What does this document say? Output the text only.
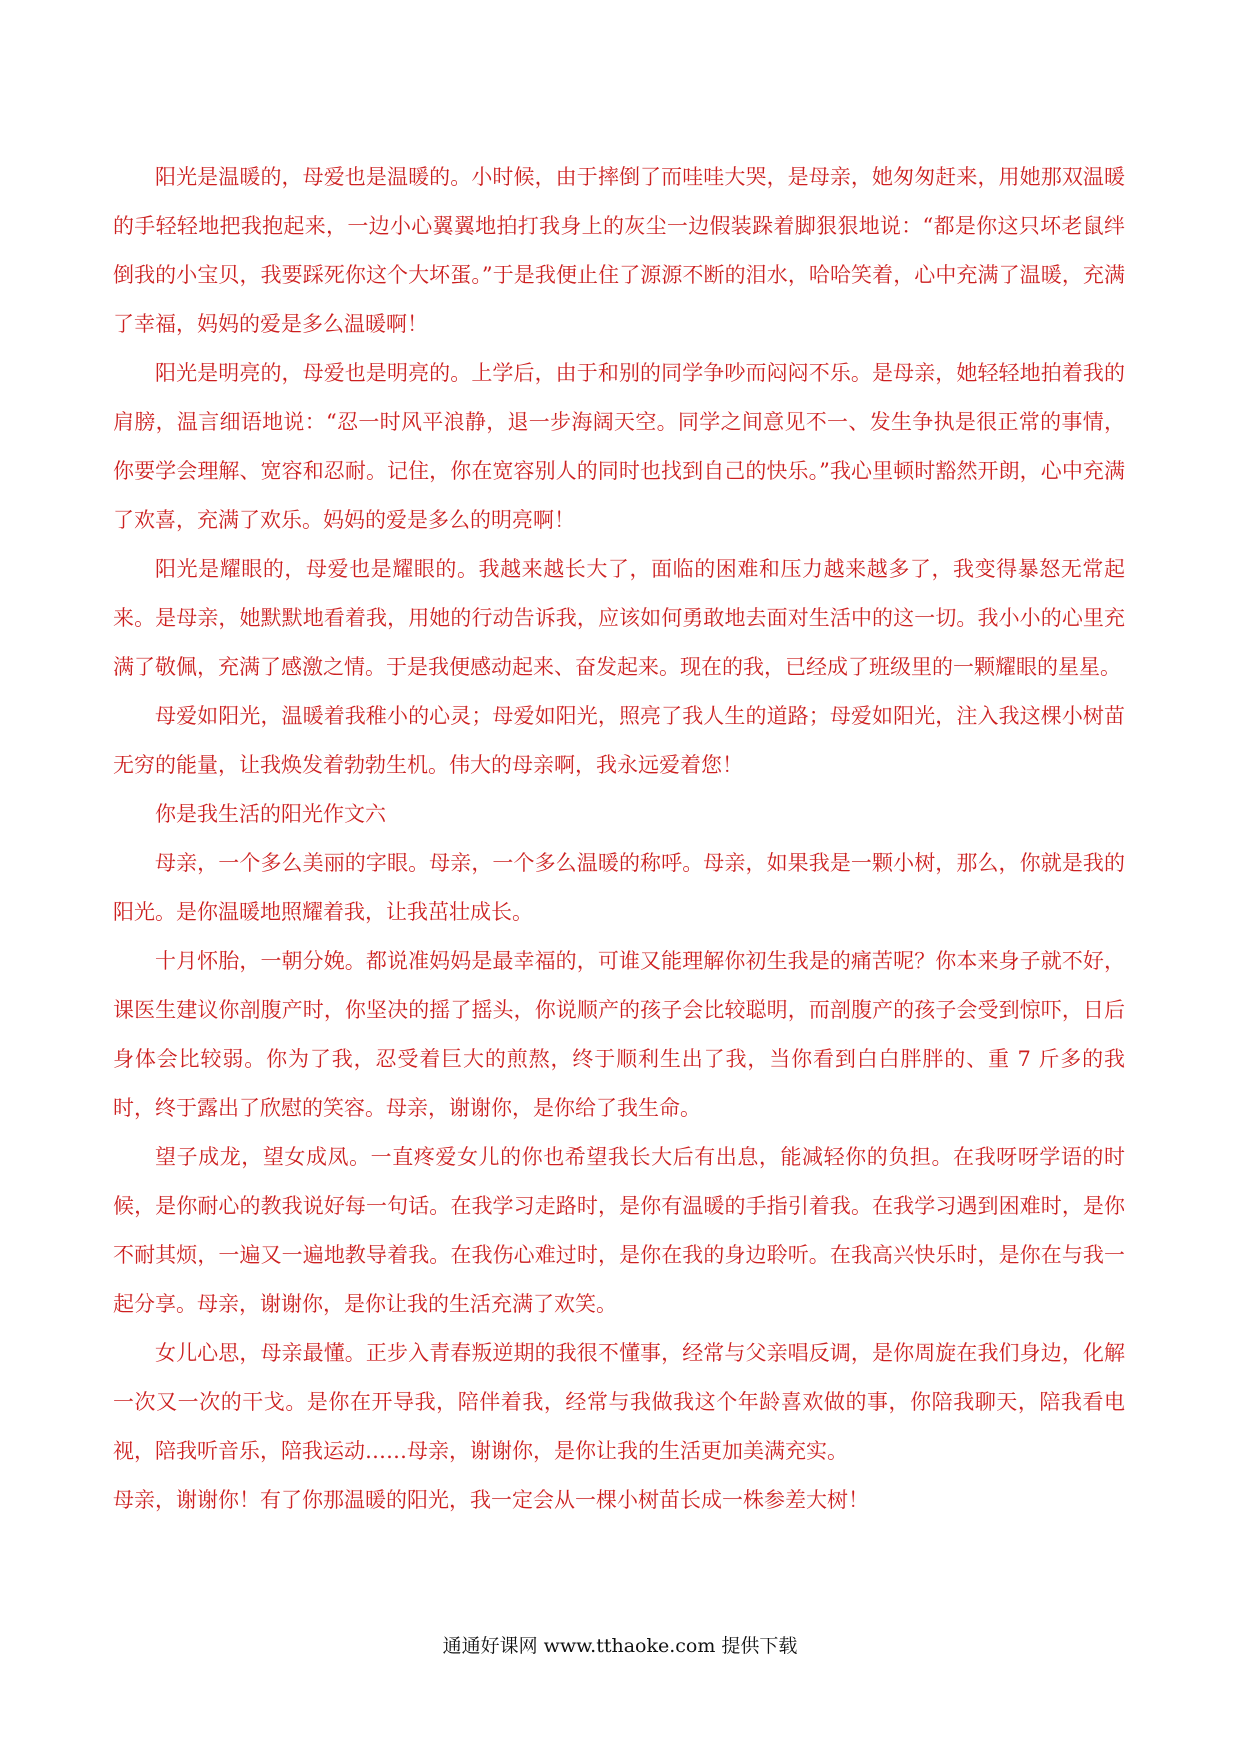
阳光是温暖的，母爱也是温暖的。小时候，由于摔倒了而哇哇大哭，是母亲，她匆匆赶来，用她那双温暖的手轻轻地把我抱起来，一边小心翼翼地拍打我身上的灰尘一边假装跺着脚狠狠地说：“都是你这只坏老鼠绊倒我的小宝贝，我要踩死你这个大坏蛋。”于是我便止住了源源不断的泪水，哈哈笑着，心中充满了温暖，充满了幸福，妈妈的爱是多么温暖啊！

阳光是明亮的，母爱也是明亮的。上学后，由于和别的同学争吵而闷闷不乐。是母亲，她轻轻地拍着我的肩膀，温言细语地说：“忍一时风平浪静，退一步海阔天空。同学之间意见不一、发生争执是很正常的事情，你要学会理解、宽容和忍耐。记住，你在宽容别人的同时也找到自己的快乐。”我心里顿时豁然开朗，心中充满了欢喜，充满了欢乐。妈妈的爱是多么的明亮啊！

阳光是耀眼的，母爱也是耀眼的。我越来越长大了，面临的困难和压力越来越多了，我变得暴怒无常起来。是母亲，她默默地看着我，用她的行动告诉我，应该如何勇敢地去面对生活中的这一切。我小小的心里充满了敬佩，充满了感激之情。于是我便感动起来、奋发起来。现在的我，已经成了班级里的一颗耀眼的星星。

母爱如阳光，温暖着我稚小的心灵；母爱如阳光，照亮了我人生的道路；母爱如阳光，注入我这棵小树苗无穷的能量，让我焕发着勃勃生机。伟大的母亲啊，我永远爱着您！

你是我生活的阳光作文六

母亲，一个多么美丽的字眼。母亲，一个多么温暖的称呼。母亲，如果我是一颗小树，那么，你就是我的阳光。是你温暖地照耀着我，让我茁壮成长。

十月怀胎，一朝分娩。都说准妈妈是最幸福的，可谁又能理解你初生我是的痛苦呢？你本来身子就不好，课医生建议你剖腹产时，你坚决的摇了摇头，你说顺产的孩子会比较聪明，而剖腹产的孩子会受到惊吓，日后身体会比较弱。你为了我，忍受着巨大的煎熬，终于顺利生出了我，当你看到白白胖胖的、重 7 斤多的我时，终于露出了欣慰的笑容。母亲，谢谢你，是你给了我生命。

望子成龙，望女成凤。一直疼爱女儿的你也希望我长大后有出息，能减轻你的负担。在我呀呀学语的时候，是你耐心的教我说好每一句话。在我学习走路时，是你有温暖的手指引着我。在我学习遇到困难时，是你不耐其烦，一遍又一遍地教导着我。在我伤心难过时，是你在我的身边聆听。在我高兴快乐时，是你在与我一起分享。母亲，谢谢你，是你让我的生活充满了欢笑。

女儿心思，母亲最懂。正步入青春叛逆期的我很不懂事，经常与父亲唱反调，是你周旋在我们身边，化解一次又一次的干戈。是你在开导我，陪伴着我，经常与我做我这个年龄喜欢做的事，你陪我聊天，陪我看电视，陪我听音乐，陪我运动……母亲，谢谢你，是你让我的生活更加美满充实。

母亲，谢谢你！有了你那温暖的阳光，我一定会从一棵小树苗长成一株参差大树！

通通好课网 www.tthaoke.com 提供下载
